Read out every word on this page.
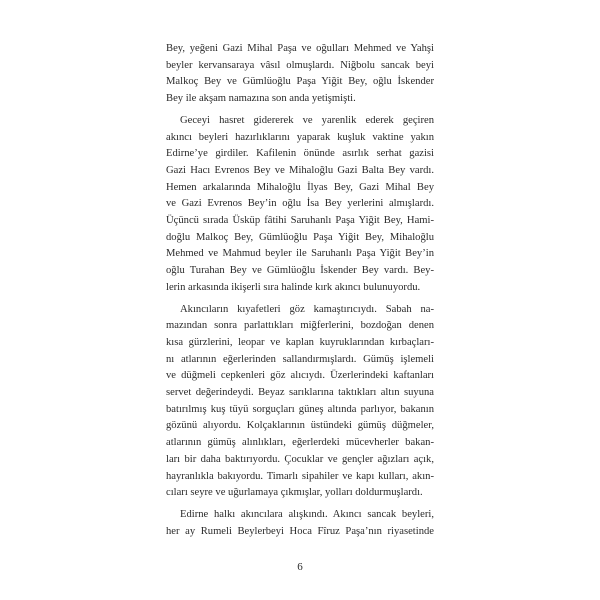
Bey, yeğeni Gazi Mihal Paşa ve oğulları Mehmed ve Yahşi
beyler kervansaraya vâsıl olmuşlardı. Niğbolu sancak beyi
Malkoç Bey ve Gümlüoğlu Paşa Yiğit Bey, oğlu İskender
Bey ile akşam namazına son anda yetişmişti.
Geceyi hasret gidererek ve yarenlik ederek geçiren
akıncı beyleri hazırlıklarını yaparak kuşluk vaktine yakın
Edirne’ye girdiler. Kafilenin önünde asırlık serhat gazisi
Gazi Hacı Evrenos Bey ve Mihaloğlu Gazi Balta Bey vardı.
Hemen arkalarında Mihaloğlu İlyas Bey, Gazi Mihal Bey
ve Gazi Evrenos Bey’in oğlu İsa Bey yerlerini almışlardı.
Üçüncü sırada Üsküp fâtihi Saruhanlı Paşa Yiğit Bey, Hami-
doğlu Malkoç Bey, Gümlüoğlu Paşa Yiğit Bey, Mihaloğlu
Mehmed ve Mahmud beyler ile Saruhanlı Paşa Yiğit Bey’in
oğlu Turahan Bey ve Gümlüoğlu İskender Bey vardı. Bey-
lerin arkasında ikişerli sıra halinde kırk akıncı bulunuyordu.
Akıncıların kıyafetleri göz kamaştırıcıydı. Sabah na-
mazından sonra parlattıkları miğferlerini, bozdoğan denen
kısa gürzlerini, leopar ve kaplan kuyruklarından kırbaçları-
nı atlarının eğerlerinden sallandırmışlardı. Gümüş işlemeli
ve düğmeli cepkenleri göz alıcıydı. Üzerlerindeki kaftanları
servet değerindeydi. Beyaz sarıklarına taktıkları altın suyuna
batırılmış kuş tüyü sorguçları güneş altında parlıyor, bakanın
gözünü alıyordu. Kolçaklarının üstündeki gümüş düğmeler,
atlarının gümüş alınlıkları, eğerlerdeki mücevherler bakan-
ları bir daha baktırıyordu. Çocuklar ve gençler ağızları açık,
hayranlıkla bakıyordu. Timarlı sipahiler ve kapı kulları, akın-
cıları seyre ve uğurlamaya çıkmışlar, yolları doldurmuşlardı.
Edirne halkı akıncılara alışkındı. Akıncı sancak beyleri,
her ay Rumeli Beylerbeyi Hoca Fîruz Paşa’nın riyasetinde
6
